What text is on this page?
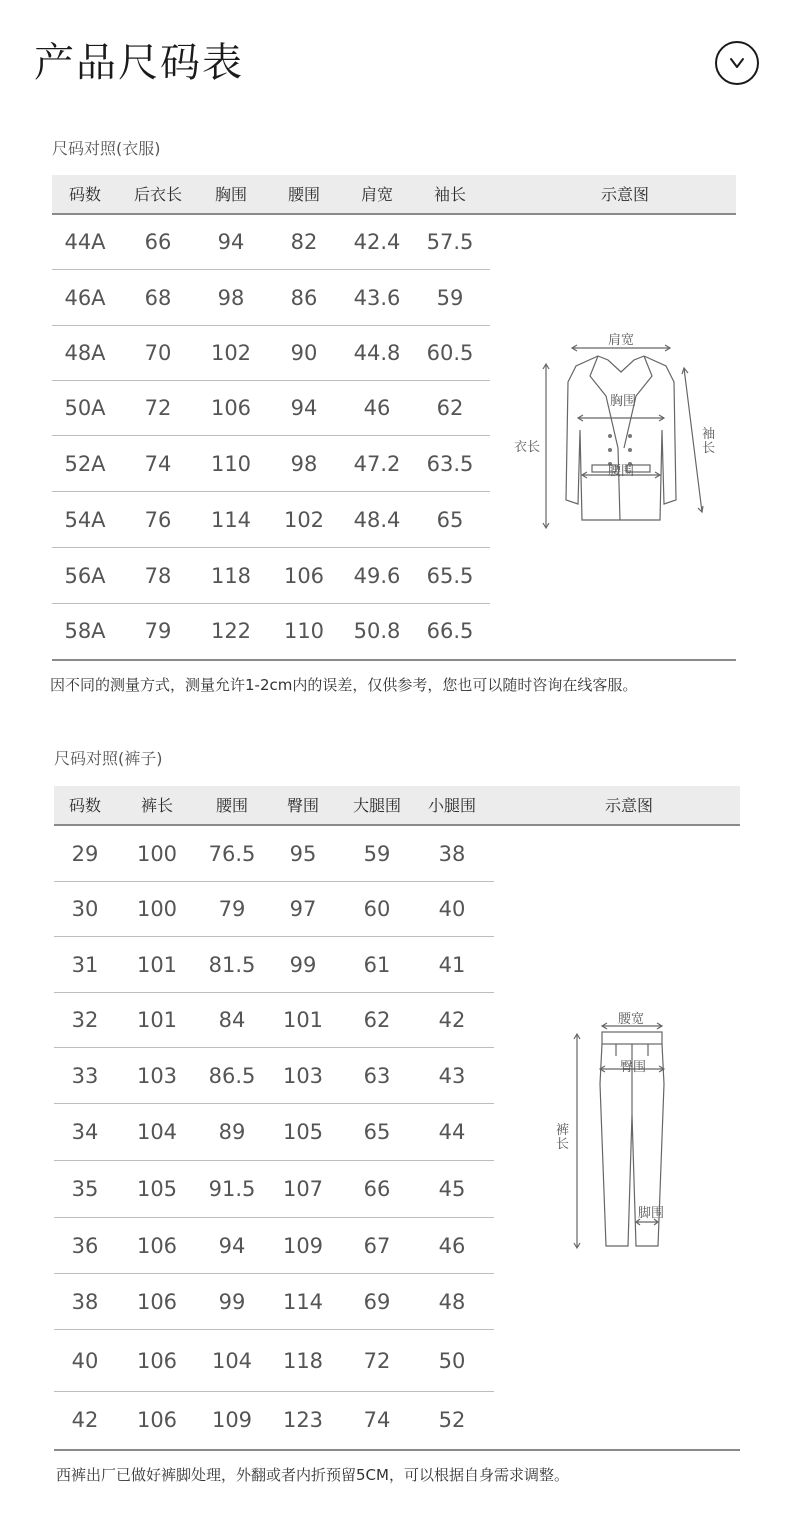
产品尺码表
尺码对照(衣服)
码数	后衣长	胸围	腰围	肩宽	袖长	示意图
44A	66	94	82	42.4	57.5
46A	68	98	86	43.6	59
48A	70	102	90	44.8	60.5
50A	72	106	94	46	62
52A	74	110	98	47.2	63.5
54A	76	114	102	48.4	65
56A	78	118	106	49.6	65.5
58A	79	122	110	50.8	66.5
因不同的测量方式，测量允许1-2cm内的误差，仅供参考，您也可以随时咨询在线客服。
肩宽
胸围
腰围
衣长
袖长
尺码对照(裤子)
码数	裤长	腰围	臀围	大腿围	小腿围	示意图
29	100	76.5	95	59	38
30	100	79	97	60	40
31	101	81.5	99	61	41
32	101	84	101	62	42
33	103	86.5	103	63	43
34	104	89	105	65	44
35	105	91.5	107	66	45
36	106	94	109	67	46
38	106	99	114	69	48
40	106	104	118	72	50
42	106	109	123	74	52
西裤出厂已做好裤脚处理，外翻或者内折预留5CM，可以根据自身需求调整。
腰宽
臀围
裤长
脚围
